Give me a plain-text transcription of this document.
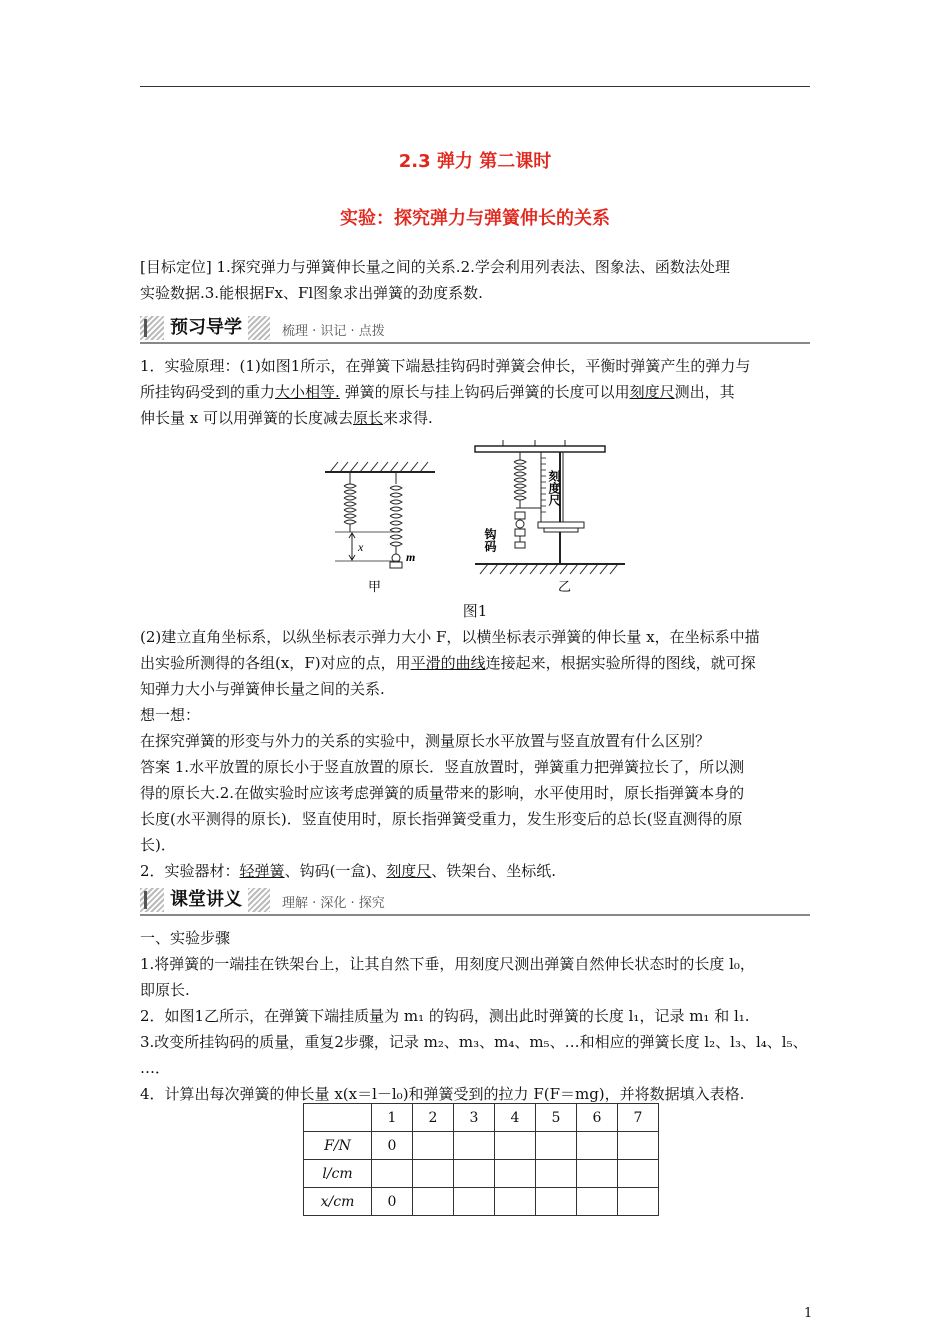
2.3 弹力 第二课时
实验：探究弹力与弹簧伸长的关系
[目标定位] 1.探究弹力与弹簧伸长量之间的关系.2.学会利用列表法、图象法、函数法处理
实验数据.3.能根据Fx、Fl图象求出弹簧的劲度系数.
预习导学	梳理 · 识记 · 点拨
1．实验原理：(1)如图1所示，在弹簧下端悬挂钩码时弹簧会伸长，平衡时弹簧产生的弹力与
所挂钩码受到的重力大小相等. 弹簧的原长与挂上钩码后弹簧的长度可以用刻度尺测出，其
伸长量 x 可以用弹簧的长度减去原长来求得.
x
m
甲
刻度尺
钩码
乙
图1
(2)建立直角坐标系，以纵坐标表示弹力大小 F，以横坐标表示弹簧的伸长量 x，在坐标系中描
出实验所测得的各组(x，F)对应的点，用平滑的曲线连接起来，根据实验所得的图线，就可探
知弹力大小与弹簧伸长量之间的关系.
想一想：
在探究弹簧的形变与外力的关系的实验中，测量原长水平放置与竖直放置有什么区别？
答案 1.水平放置的原长小于竖直放置的原长．竖直放置时，弹簧重力把弹簧拉长了，所以测
得的原长大.2.在做实验时应该考虑弹簧的质量带来的影响，水平使用时，原长指弹簧本身的
长度(水平测得的原长)．竖直使用时，原长指弹簧受重力，发生形变后的总长(竖直测得的原
长)．
2．实验器材：轻弹簧、钩码(一盒)、刻度尺、铁架台、坐标纸.
课堂讲义	理解 · 深化 · 探究
一、实验步骤
1.将弹簧的一端挂在铁架台上，让其自然下垂，用刻度尺测出弹簧自然伸长状态时的长度 l₀，
即原长.
2．如图1乙所示，在弹簧下端挂质量为 m₁ 的钩码，测出此时弹簧的长度 l₁，记录 m₁ 和 l₁.
3.改变所挂钩码的质量，重复2步骤，记录 m₂、m₃、m₄、m₅、…和相应的弹簧长度 l₂、l₃、l₄、l₅、
…．
4．计算出每次弹簧的伸长量 x(x＝l－l₀)和弹簧受到的拉力 F(F＝mg)，并将数据填入表格.
	1	2	3	4	5	6	7
F/N	0						
l/cm							
x/cm	0						
1
